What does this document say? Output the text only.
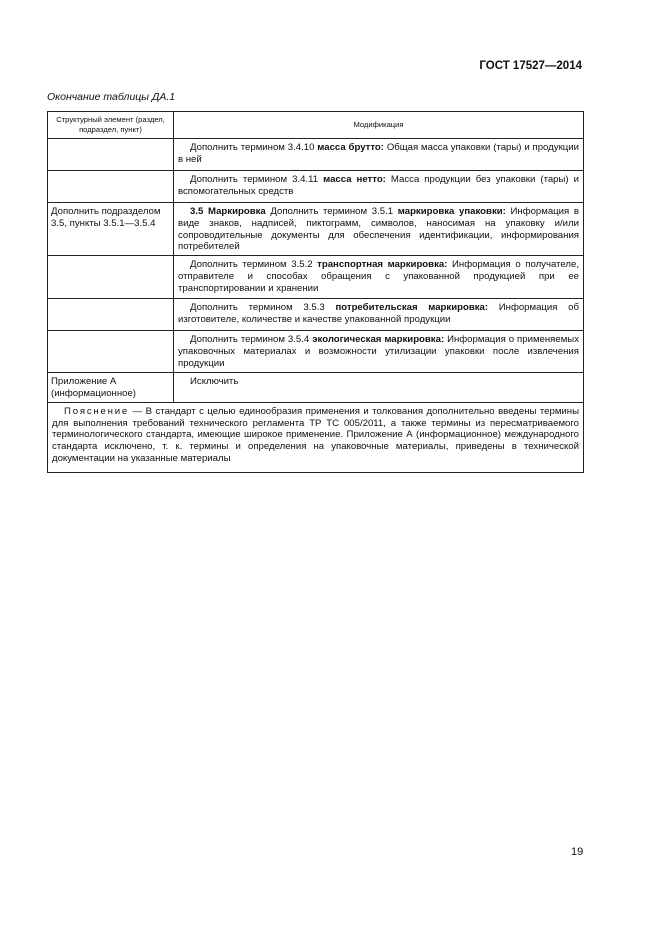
ГОСТ 17527—2014
Окончание таблицы ДА.1
Структурный элемент (раздел, подраздел, пункт)	Модификация
	Дополнить термином 3.4.10 масса брутто: Общая масса упаковки (тары) и продукции в ней
	Дополнить термином 3.4.11 масса нетто: Масса продукции без упаковки (тары) и вспомогательных средств
Дополнить подразделом 3.5, пункты 3.5.1—3.5.4	3.5 Маркировка Дополнить термином 3.5.1 маркировка упаковки: Информация в виде знаков, надписей, пиктограмм, символов, наносимая на упаковку и/или сопроводительные документы для обеспечения идентификации, информирования потребителей
	Дополнить термином 3.5.2 транспортная маркировка: Информация о получателе, отправителе и способах обращения с упакованной продукцией при ее транспортировании и хранении
	Дополнить термином 3.5.3 потребительская маркировка: Информация об изготовителе, количестве и качестве упакованной продукции
	Дополнить термином 3.5.4 экологическая маркировка: Информация о применяемых упаковочных материалах и возможности утилизации упаковки после извлечения продукции
Приложение А (информационное)	Исключить
Пояснение — В стандарт с целью единообразия применения и толкования дополнительно введены термины для выполнения требований технического регламента ТР ТС 005/2011, а также термины из пересматриваемого терминологического стандарта, имеющие широкое применение. Приложение А (информационное) международного стандарта исключено, т. к. термины и определения на упаковочные материалы, приведены в технической документации на указанные материалы	
19
